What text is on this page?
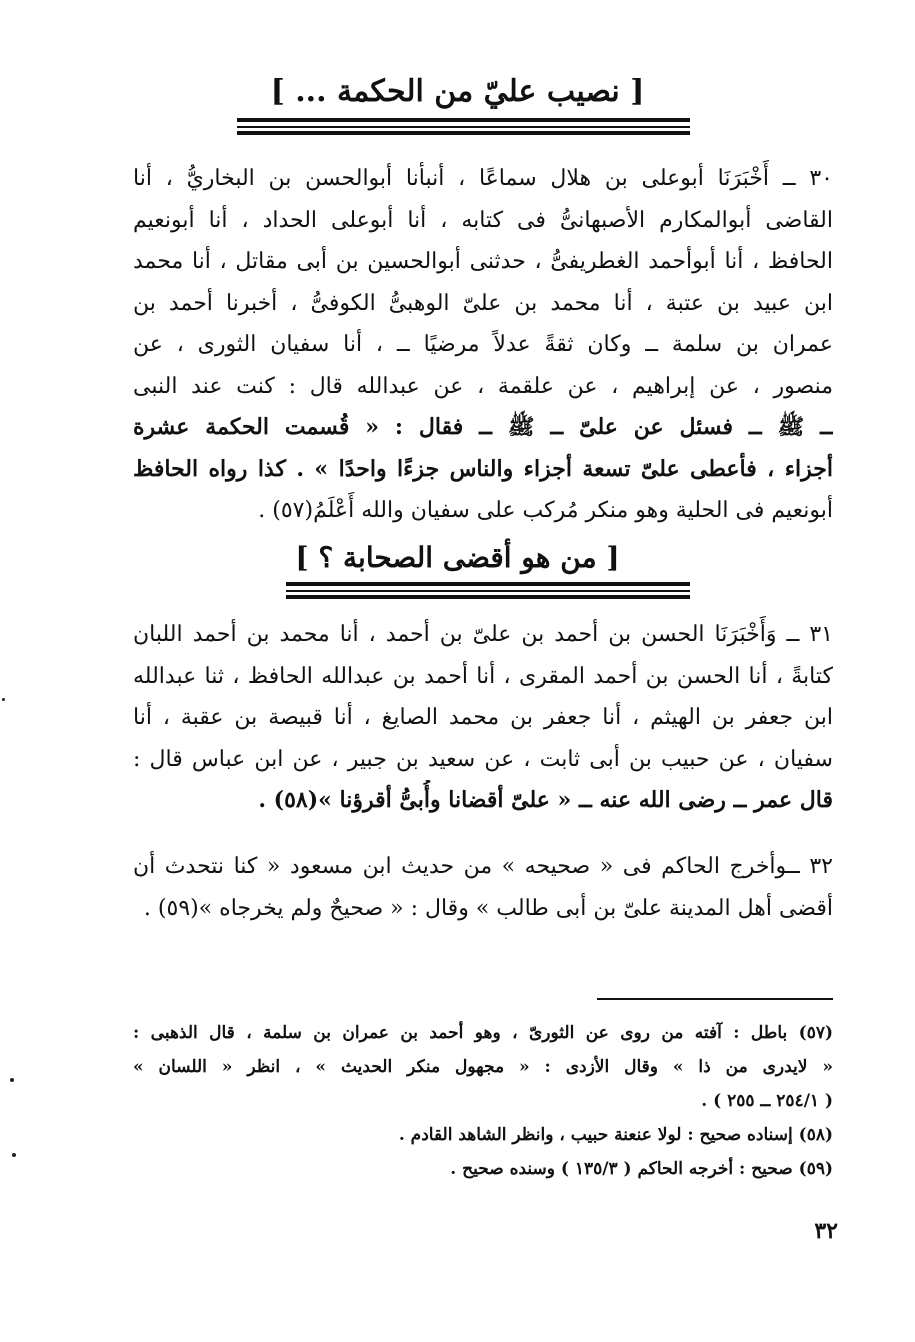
[ نصيب عليّ من الحكمة ... ]
٣٠ ــ أَخْبَرَنَا أبوعلى بن هلال سماعًا ، أنبأنا أبوالحسن بن البخاريُّ ، أنا
القاضى أبوالمكارم الأصبهانىُّ فى كتابه ، أنا أبوعلى الحداد ، أنا أبونعيم
الحافظ ، أنا أبوأحمد الغطريفىُّ ، حدثنى أبوالحسين بن أبى مقاتل ، أنا محمد
ابن عبيد بن عتبة ، أنا محمد بن علىّ الوهبىُّ الكوفىُّ ، أخبرنا أحمد بن
عمران بن سلمة ــ وكان ثقةً عدلاً مرضيًا ــ ، أنا سفيان الثورى ، عن
منصور ، عن إبراهيم ، عن علقمة ، عن عبدالله قال : كنت عند النبى
ــ ﷺ ــ فسئل عن علىّ ــ ﷺ ــ فقال : « قُسمت الحكمة عشرة
أجزاء ، فأعطى علىّ تسعة أجزاء والناس جزءًا واحدًا » . كذا رواه الحافظ
أبونعيم فى الحلية وهو منكر مُركب على سفيان والله أَعْلَمُ(٥٧) .
[ من هو أقضى الصحابة ؟ ]
٣١ ــ وَأَخْبَرَنَا الحسن بن أحمد بن علىّ بن أحمد ، أنا محمد بن أحمد اللبان
كتابةً ، أنا الحسن بن أحمد المقرى ، أنا أحمد بن عبدالله الحافظ ، ثنا عبدالله
ابن جعفر بن الهيثم ، أنا جعفر بن محمد الصايغ ، أنا قبيصة بن عقبة ، أنا
سفيان ، عن حبيب بن أبى ثابت ، عن سعيد بن جبير ، عن ابن عباس قال :
قال عمر ــ رضى الله عنه ــ « علىّ أقضانا وأُبىُّ أقرؤنا »(٥٨) .
٣٢ ــوأخرج الحاكم فى « صحيحه » من حديث ابن مسعود « كنا نتحدث أن
أقضى أهل المدينة علىّ بن أبى طالب » وقال : « صحيحٌ ولم يخرجاه »(٥٩) .
(٥٧) باطل : آفته من روى عن الثورىّ ، وهو أحمد بن عمران بن سلمة ، قال الذهبى :
« لايدرى من ذا » وقال الأزدى : « مجهول منكر الحديث » ، انظر « اللسان »
( ٢٥٤/١ ــ ٢٥٥ ) .
(٥٨) إسناده صحيح : لولا عنعنة حبيب ، وانظر الشاهد القادم .
(٥٩) صحيح : أخرجه الحاكم ( ١٣٥/٣ ) وسنده صحيح .
٣٢
